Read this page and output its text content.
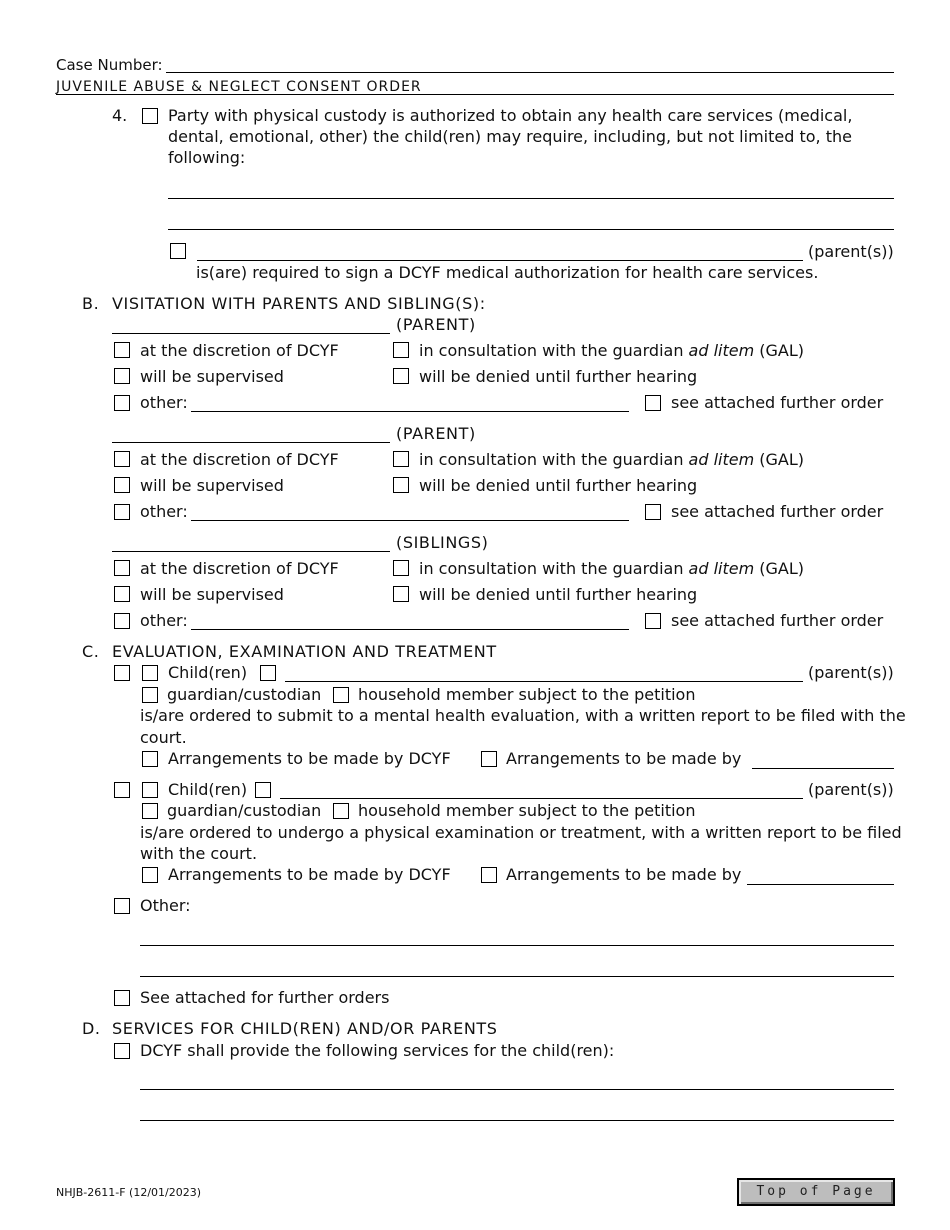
Case Number:
JUVENILE ABUSE & NEGLECT CONSENT ORDER
4.	Party with physical custody is authorized to obtain any health care services (medical,
dental, emotional, other) the child(ren) may require, including, but not limited to, the
following:
(parent(s))
is(are) required to sign a DCYF medical authorization for health care services.
B. VISITATION WITH PARENTS AND SIBLING(S):
(PARENT)
at the discretion of DCYF	in consultation with the guardian ad litem (GAL)
will be supervised	will be denied until further hearing
other:	see attached further order
(PARENT)
at the discretion of DCYF	in consultation with the guardian ad litem (GAL)
will be supervised	will be denied until further hearing
other:	see attached further order
(SIBLINGS)
at the discretion of DCYF	in consultation with the guardian ad litem (GAL)
will be supervised	will be denied until further hearing
other:	see attached further order
C. EVALUATION, EXAMINATION AND TREATMENT
Child(ren)	(parent(s))
guardian/custodian household member subject to the petition
is/are ordered to submit to a mental health evaluation, with a written report to be filed with the
court.
Arrangements to be made by DCYF	Arrangements to be made by
Child(ren)	(parent(s))
guardian/custodian household member subject to the petition
is/are ordered to undergo a physical examination or treatment, with a written report to be filed
with the court.
Arrangements to be made by DCYF	Arrangements to be made by
Other:
See attached for further orders
D. SERVICES FOR CHILD(REN) AND/OR PARENTS
DCYF shall provide the following services for the child(ren):
NHJB-2611-F (12/01/2023)	Top of Page
